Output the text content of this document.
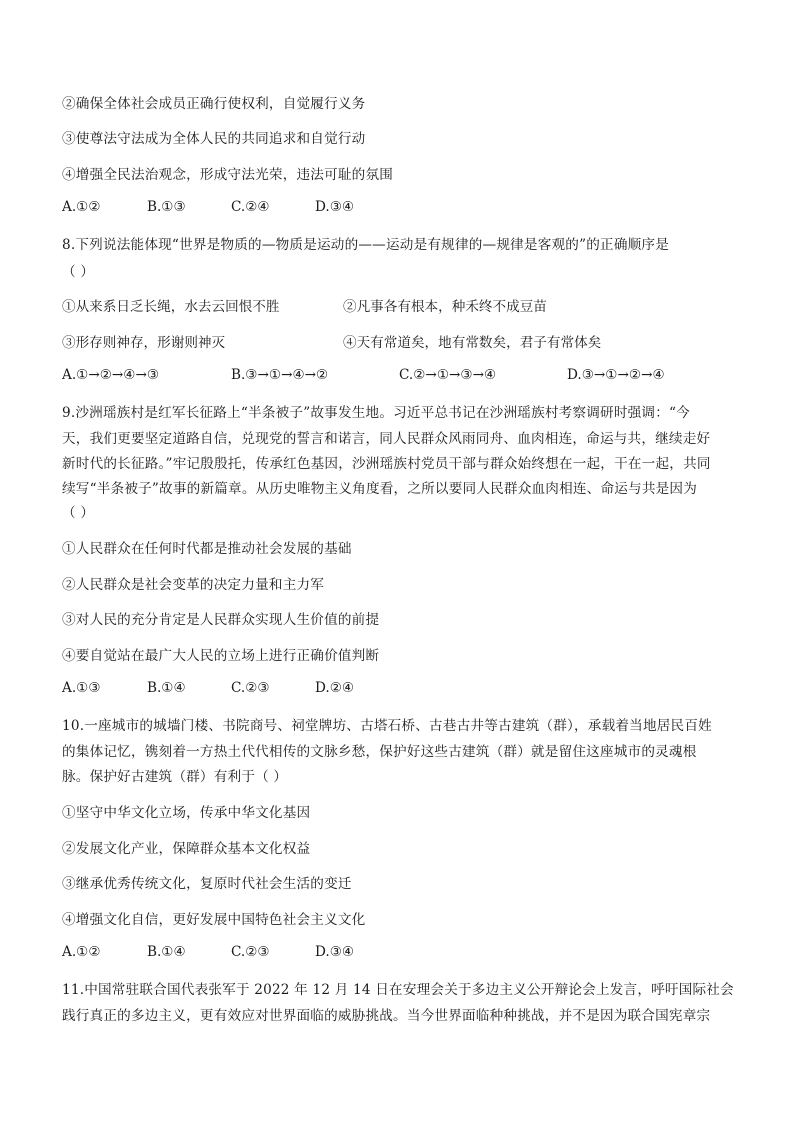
②确保全体社会成员正确行使权利，自觉履行义务
③使尊法守法成为全体人民的共同追求和自觉行动
④增强全民法治观念，形成守法光荣，违法可耻的氛围
A.①②	B.①③	C.②④	D.③④
8.下列说法能体现“世界是物质的—物质是运动的——运动是有规律的—规律是客观的”的正确顺序是
（ ）
①从来系日乏长绳，水去云回恨不胜	②凡事各有根本，种禾终不成豆苗
③形存则神存，形谢则神灭	④天有常道矣，地有常数矣，君子有常体矣
A.①→②→④→③	B.③→①→④→②	C.②→①→③→④	D.③→①→②→④
9.沙洲瑶族村是红军长征路上“半条被子”故事发生地。习近平总书记在沙洲瑶族村考察调研时强调：“今
天，我们更要坚定道路自信，兑现党的誓言和诺言，同人民群众风雨同舟、血肉相连，命运与共，继续走好
新时代的长征路。”牢记殷殷托，传承红色基因，沙洲瑶族村党员干部与群众始终想在一起，干在一起，共同
续写“半条被子”故事的新篇章。从历史唯物主义角度看，之所以要同人民群众血肉相连、命运与共是因为
（ ）
①人民群众在任何时代都是推动社会发展的基础
②人民群众是社会变革的决定力量和主力军
③对人民的充分肯定是人民群众实现人生价值的前提
④要自觉站在最广大人民的立场上进行正确价值判断
A.①③	B.①④	C.②③	D.②④
10.一座城市的城墙门楼、书院商号、祠堂牌坊、古塔石桥、古巷古井等古建筑（群），承载着当地居民百姓
的集体记忆，镌刻着一方热土代代相传的文脉乡愁，保护好这些古建筑（群）就是留住这座城市的灵魂根
脉。保护好古建筑（群）有利于（ ）
①坚守中华文化立场，传承中华文化基因
②发展文化产业，保障群众基本文化权益
③继承优秀传统文化，复原时代社会生活的变迁
④增强文化自信，更好发展中国特色社会主义文化
A.①②	B.①④	C.②③	D.③④
11.中国常驻联合国代表张军于 2022 年 12 月 14 日在安理会关于多边主义公开辩论会上发言，呼吁国际社会
践行真正的多边主义，更有效应对世界面临的威胁挑战。当今世界面临种种挑战，并不是因为联合国宪章宗
